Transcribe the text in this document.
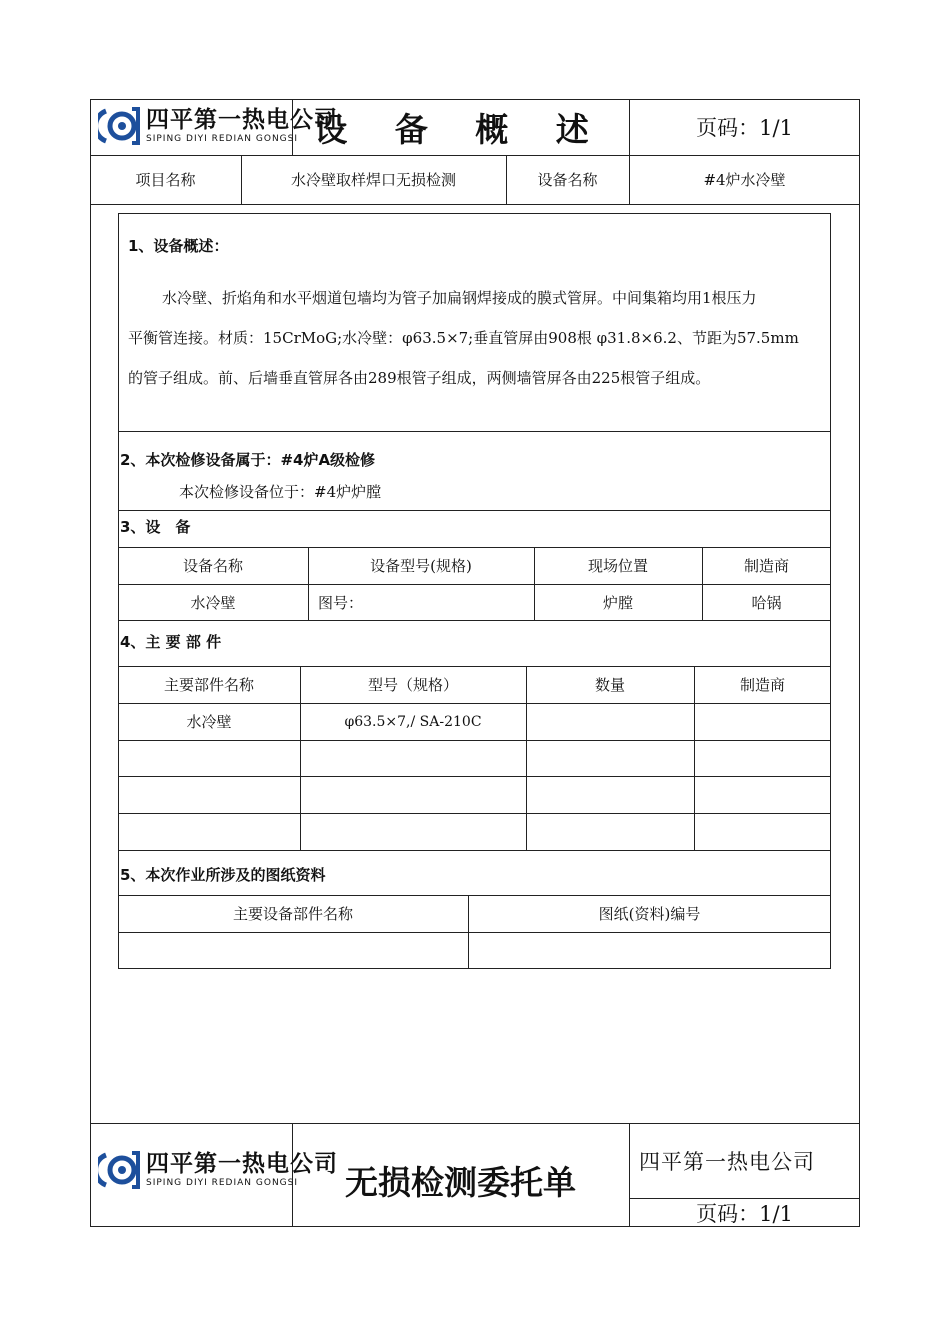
四平第一热电公司
SIPING DIYI REDIAN GONGSI 设 备 概 述	页码：1/1
项目名称	水冷壁取样焊口无损检测	设备名称	#4炉水冷壁
1、设备概述：
水冷壁、折焰角和水平烟道包墙均为管子加扁钢焊接成的膜式管屏。中间集箱均用1根压力
平衡管连接。材质：15CrMoG;水冷壁：φ63.5×7;垂直管屏由908根 φ31.8×6.2、节距为57.5mm
的管子组成。前、后墙垂直管屏各由289根管子组成，两侧墙管屏各由225根管子组成。
2、本次检修设备属于：#4炉A级检修
本次检修设备位于：#4炉炉膛
3、设　备
设备名称	设备型号(规格)	现场位置	制造商
水冷壁	图号：	炉膛	哈锅
4、主 要 部 件
主要部件名称	型号（规格）	数量	制造商
水冷壁	φ63.5×7,/ SA-210C
5、本次作业所涉及的图纸资料
主要设备部件名称	图纸(资料)编号
四平第一热电公司
SIPING DIYI REDIAN GONGSI	无损检测委托单
四平第一热电公司
页码：1/1
